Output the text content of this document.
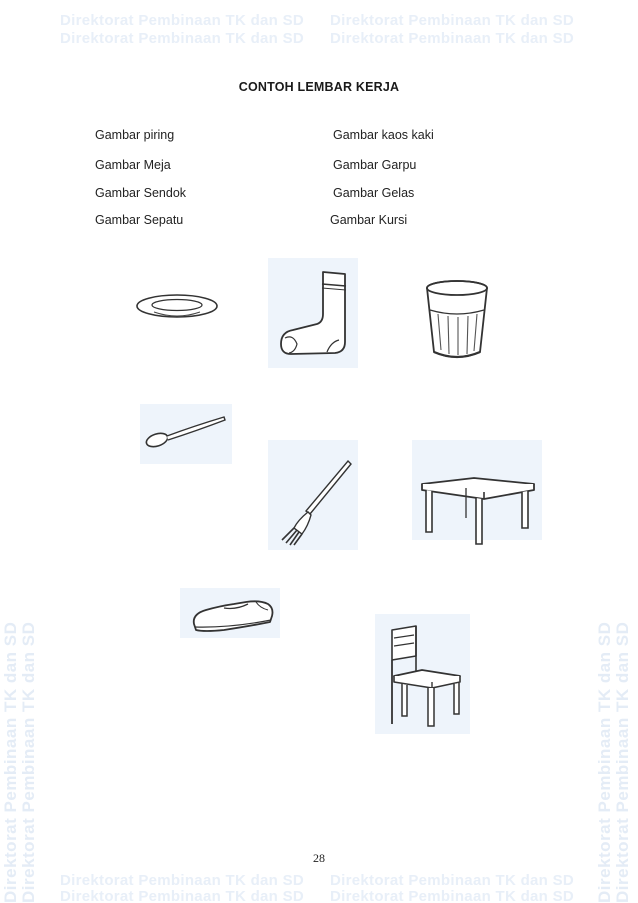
Direktorat Pembinaan TK dan SD Direktorat Pembinaan TK dan SD	Direktorat Pembinaan TK dan SD
Direktorat Pembinaan TK dan SD
Direktorat Pembinaan TK dan SD Direktorat Pembinaan TK dan SD
Direktorat Pembinaan TK dan SD Direktorat Pembinaan TK dan SD
Direktorat Pembinaan TK dan SD Direktorat Pembinaan TK dan SD
Direktorat Pembinaan TK dan SD Direktorat Pembinaan TK dan SD
CONTOH LEMBAR KERJA
Gambar piring
Gambar Meja
Gambar Sendok
Gambar Sepatu
Gambar kaos kaki
Gambar Garpu
Gambar Gelas
Gambar Kursi
28
